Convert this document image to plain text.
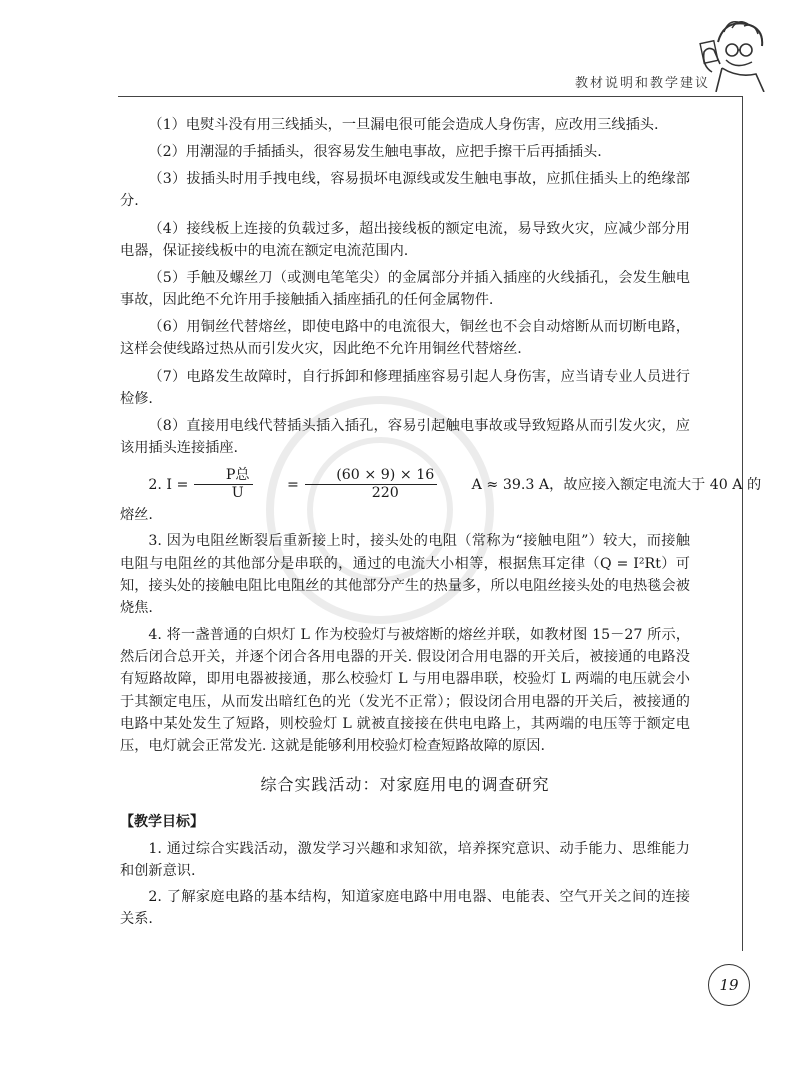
教材说明和教学建议

（1）电熨斗没有用三线插头，一旦漏电很可能会造成人身伤害，应改用三线插头.

（2）用潮湿的手插插头，很容易发生触电事故，应把手擦干后再插插头.

（3）拔插头时用手拽电线，容易损坏电源线或发生触电事故，应抓住插头上的绝缘部分.

（4）接线板上连接的负载过多，超出接线板的额定电流，易导致火灾，应减少部分用电器，保证接线板中的电流在额定电流范围内.

（5）手触及螺丝刀（或测电笔笔尖）的金属部分并插入插座的火线插孔，会发生触电事故，因此绝不允许用手接触插入插座插孔的任何金属物件.

（6）用铜丝代替熔丝，即使电路中的电流很大，铜丝也不会自动熔断从而切断电路，这样会使线路过热从而引发火灾，因此绝不允许用铜丝代替熔丝.

（7）电路发生故障时，自行拆卸和修理插座容易引起人身伤害，应当请专业人员进行检修.

（8）直接用电线代替插头插入插孔，容易引起触电事故或导致短路从而引发火灾，应该用插头连接插座.

2. $I = \frac{\text{P总}}{U}$	= $\frac{(60 \times 9) \times 16}{220}$	A ≈ 39.3 A，故应接入额定电流大于 40 A 的

熔丝.

3. 因为电阻丝断裂后重新接上时，接头处的电阻（常称为“接触电阻”）较大，而接触电阻与电阻丝的其他部分是串联的，通过的电流大小相等，根据焦耳定律（Q = I²Rt）可知，接头处的接触电阻比电阻丝的其他部分产生的热量多，所以电阻丝接头处的电热毯会被烧焦.

4. 将一盏普通的白炽灯 L 作为校验灯与被熔断的熔丝并联，如教材图 15－27 所示，然后闭合总开关，并逐个闭合各用电器的开关. 假设闭合用电器的开关后，被接通的电路没有短路故障，即用电器被接通，那么校验灯 L 与用电器串联，校验灯 L 两端的电压就会小于其额定电压，从而发出暗红色的光（发光不正常）；假设闭合用电器的开关后，被接通的电路中某处发生了短路，则校验灯 L 就被直接接在供电电路上，其两端的电压等于额定电压，电灯就会正常发光. 这就是能够利用校验灯检查短路故障的原因.

综合实践活动：对家庭用电的调查研究
【教学目标】

1. 通过综合实践活动，激发学习兴趣和求知欲，培养探究意识、动手能力、思维能力和创新意识.

2. 了解家庭电路的基本结构，知道家庭电路中用电器、电能表、空气开关之间的连接关系.

19
